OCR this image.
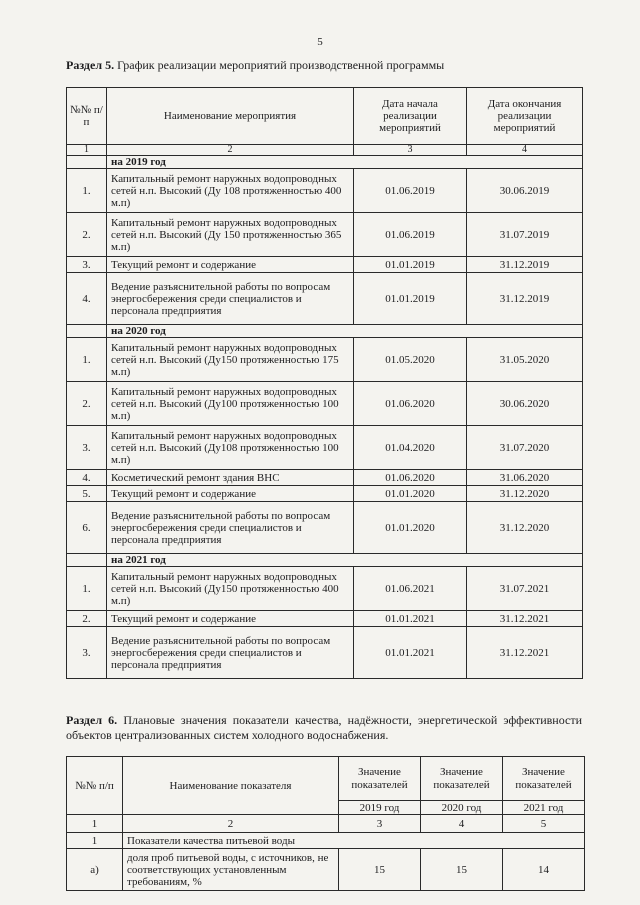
5
Раздел 5. График реализации мероприятий производственной программы
№№ п/п	Наименование мероприятия	Дата начала реализации мероприятий	Дата окончания реализации мероприятий
1	2	3	4
	на 2019 год		
1.	Капитальный ремонт наружных водопроводных сетей н.п. Высокий (Ду 108 протяженностью 400 м.п)	01.06.2019	30.06.2019
2.	Капитальный ремонт наружных водопроводных сетей н.п. Высокий (Ду 150 протяженностью 365 м.п)	01.06.2019	31.07.2019
3.	Текущий ремонт и содержание	01.01.2019	31.12.2019
4.	Ведение разъяснительной работы по вопросам энергосбережения среди специалистов и персонала предприятия	01.01.2019	31.12.2019
	на 2020 год		
1.	Капитальный ремонт наружных водопроводных сетей н.п. Высокий (Ду150 протяженностью 175 м.п)	01.05.2020	31.05.2020
2.	Капитальный ремонт наружных водопроводных сетей н.п. Высокий (Ду100 протяженностью 100 м.п)	01.06.2020	30.06.2020
3.	Капитальный ремонт наружных водопроводных сетей н.п. Высокий (Ду108 протяженностью 100 м.п)	01.04.2020	31.07.2020
4.	Косметический ремонт здания ВНС	01.06.2020	31.06.2020
5.	Текущий ремонт и содержание	01.01.2020	31.12.2020
6.	Ведение разъяснительной работы по вопросам энергосбережения среди специалистов и персонала предприятия	01.01.2020	31.12.2020
	на 2021 год		
1.	Капитальный ремонт наружных водопроводных сетей н.п. Высокий (Ду150 протяженностью 400 м.п)	01.06.2021	31.07.2021
2.	Текущий ремонт и содержание	01.01.2021	31.12.2021
3.	Ведение разъяснительной работы по вопросам энергосбережения среди специалистов и персонала предприятия	01.01.2021	31.12.2021
Раздел 6. Плановые значения показатели качества, надёжности, энергетической эффективности объектов централизованных систем холодного водоснабжения.
№№ п/п	Наименование показателя	Значение показателей	Значение показателей	Значение показателей
		2019 год	2020 год	2021 год
1	2	3	4	5
1	Показатели качества питьевой воды			
а)	доля проб питьевой воды, с источников, не соответствующих установленным требованиям, %	15	15	14
